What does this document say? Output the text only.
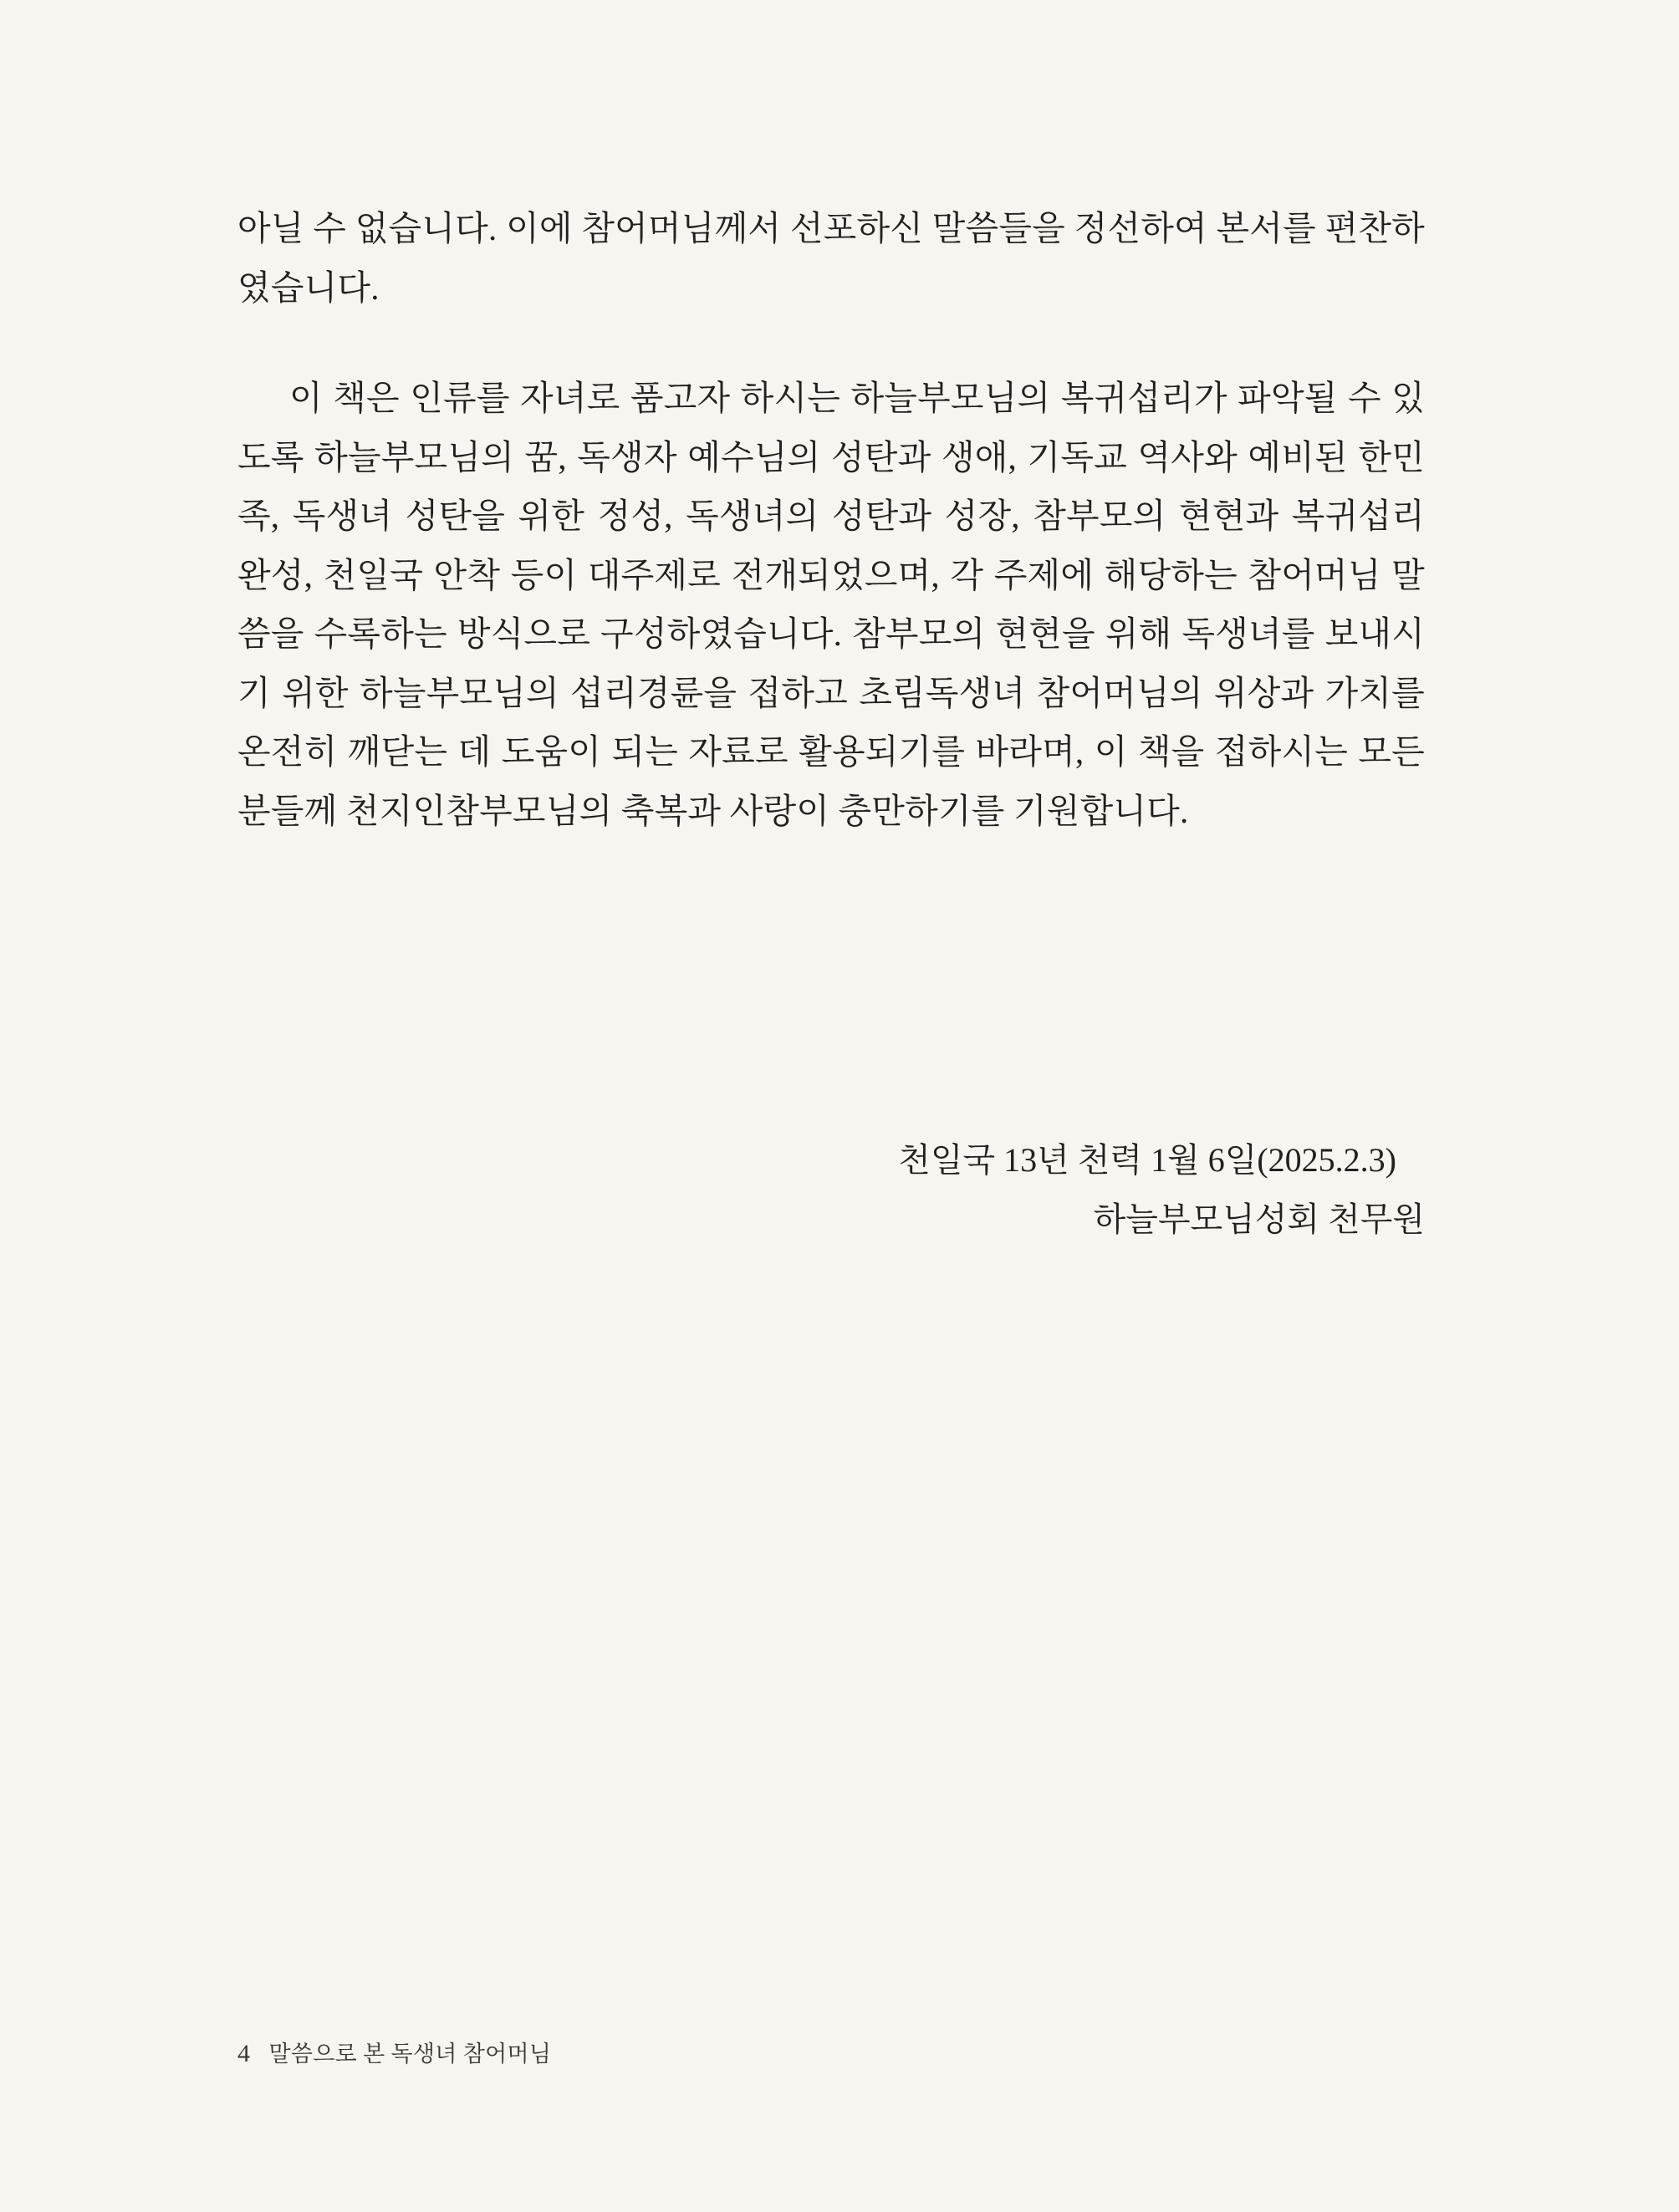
아닐 수 없습니다. 이에 참어머님께서 선포하신 말씀들을 정선하여 본서를 편찬하였습니다.

이 책은 인류를 자녀로 품고자 하시는 하늘부모님의 복귀섭리가 파악될 수 있도록 하늘부모님의 꿈, 독생자 예수님의 성탄과 생애, 기독교 역사와 예비된 한민족, 독생녀 성탄을 위한 정성, 독생녀의 성탄과 성장, 참부모의 현현과 복귀섭리 완성, 천일국 안착 등이 대주제로 전개되었으며, 각 주제에 해당하는 참어머님 말씀을 수록하는 방식으로 구성하였습니다. 참부모의 현현을 위해 독생녀를 보내시기 위한 하늘부모님의 섭리경륜을 접하고 초림독생녀 참어머님의 위상과 가치를 온전히 깨닫는 데 도움이 되는 자료로 활용되기를 바라며, 이 책을 접하시는 모든 분들께 천지인참부모님의 축복과 사랑이 충만하기를 기원합니다.

천일국 13년 천력 1월 6일(2025.2.3)
하늘부모님성회 천무원
4 말씀으로 본 독생녀 참어머님
